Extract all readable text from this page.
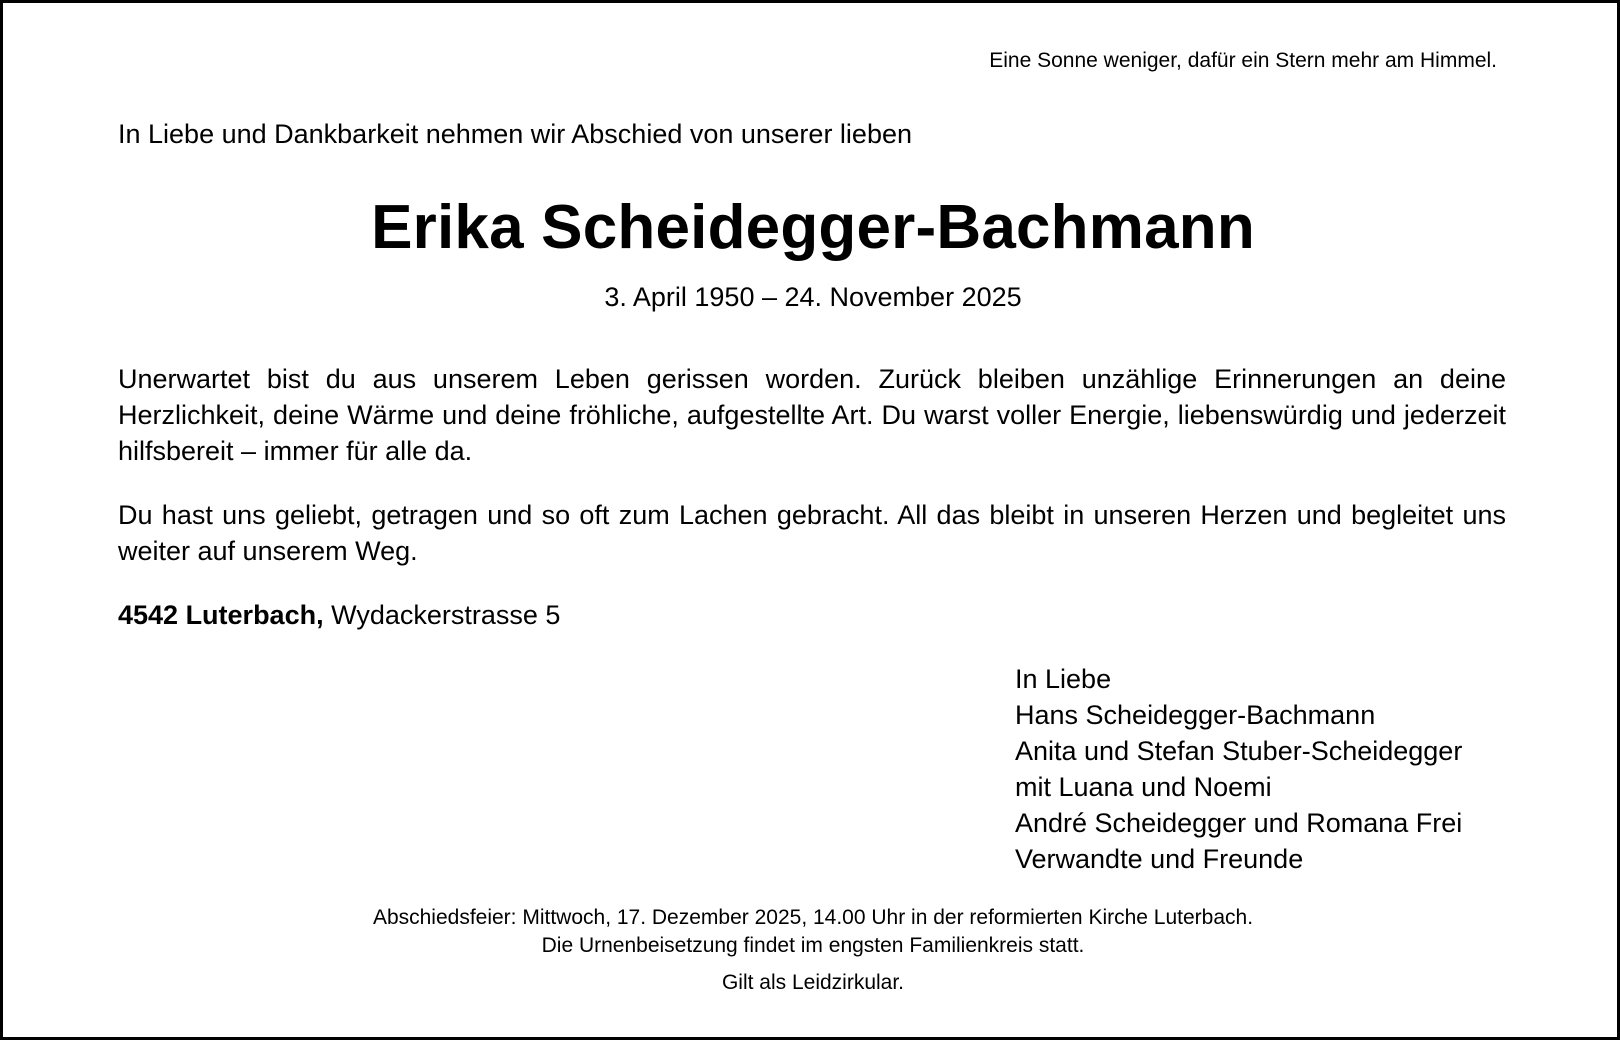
Eine Sonne weniger, dafür ein Stern mehr am Himmel.
In Liebe und Dankbarkeit nehmen wir Abschied von unserer lieben
Erika Scheidegger-Bachmann
3. April 1950 – 24. November 2025

Unerwartet bist du aus unserem Leben gerissen worden. Zurück bleiben unzählige Erinnerungen an deine Herzlichkeit, deine Wärme und deine fröhliche, aufgestellte Art. Du warst voller Energie, liebenswürdig und jederzeit hilfsbereit – immer für alle da.

Du hast uns geliebt, getragen und so oft zum Lachen gebracht. All das bleibt in unseren Herzen und begleitet uns weiter auf unserem Weg.

4542 Luterbach, Wydackerstrasse 5
In Liebe
Hans Scheidegger-Bachmann
Anita und Stefan Stuber-Scheidegger
mit Luana und Noemi
André Scheidegger und Romana Frei
Verwandte und Freunde
Abschiedsfeier: Mittwoch, 17. Dezember 2025, 14.00 Uhr in der reformierten Kirche Luterbach.
Die Urnenbeisetzung findet im engsten Familienkreis statt.
Gilt als Leidzirkular.
